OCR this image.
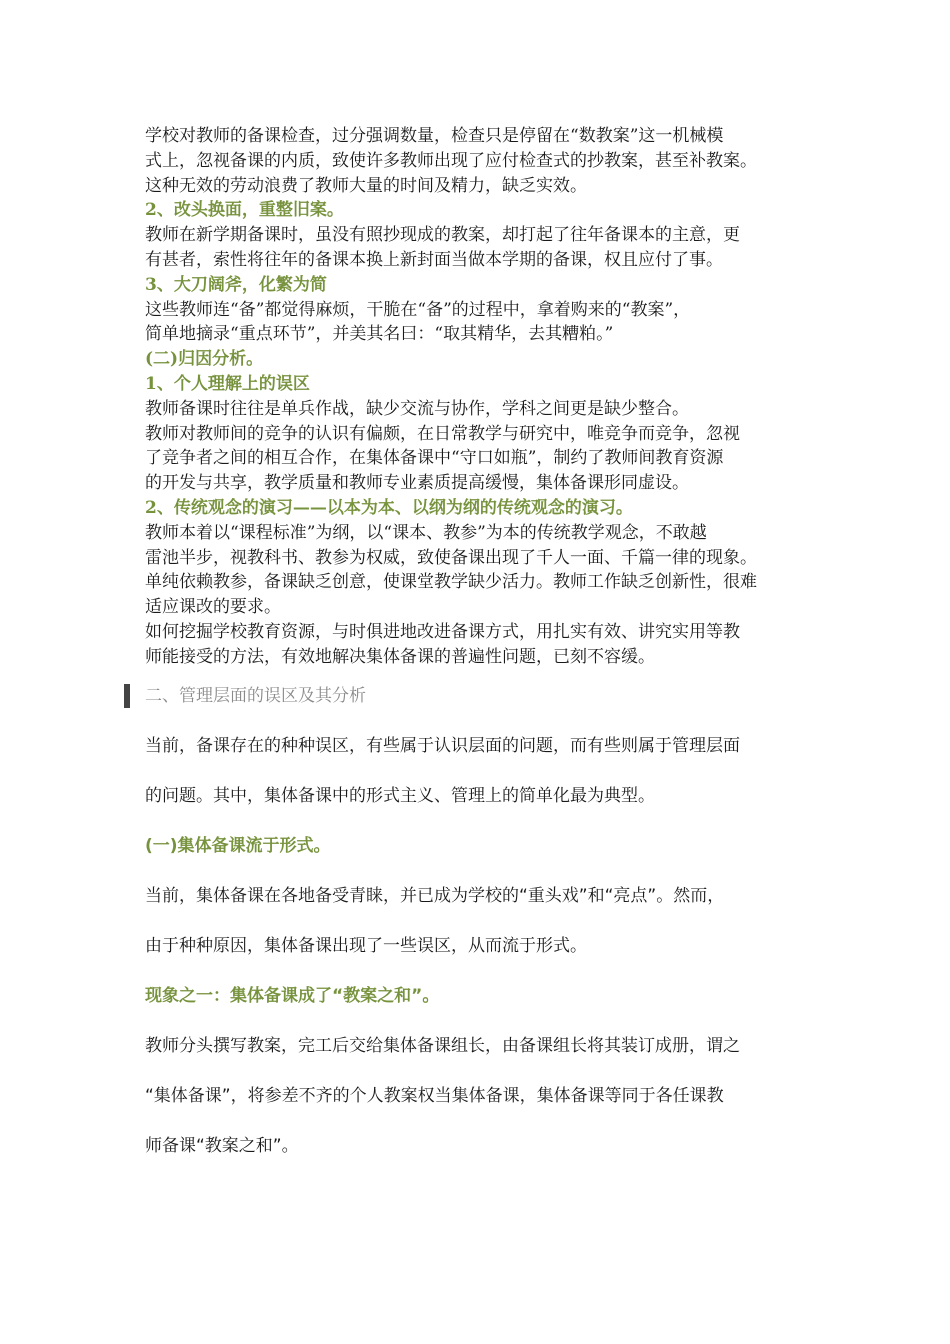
学校对教师的备课检查，过分强调数量，检查只是停留在“数教案”这一机械模

式上，忽视备课的内质，致使许多教师出现了应付检查式的抄教案，甚至补教案。

这种无效的劳动浪费了教师大量的时间及精力，缺乏实效。

2、改头换面，重整旧案。

教师在新学期备课时，虽没有照抄现成的教案，却打起了往年备课本的主意，更

有甚者，索性将往年的备课本换上新封面当做本学期的备课，权且应付了事。

3、大刀阔斧，化繁为简

这些教师连“备”都觉得麻烦，干脆在“备”的过程中，拿着购来的“教案”，

简单地摘录“重点环节”，并美其名曰：“取其精华，去其糟粕。”

(二)归因分析。

1、个人理解上的误区

教师备课时往往是单兵作战，缺少交流与协作，学科之间更是缺少整合。

教师对教师间的竞争的认识有偏颇，在日常教学与研究中，唯竞争而竞争，忽视

了竞争者之间的相互合作，在集体备课中“守口如瓶”，制约了教师间教育资源

的开发与共享，教学质量和教师专业素质提高缓慢，集体备课形同虚设。

2、传统观念的演习——以本为本、以纲为纲的传统观念的演习。

教师本着以“课程标准”为纲，以“课本、教参”为本的传统教学观念，不敢越

雷池半步，视教科书、教参为权威，致使备课出现了千人一面、千篇一律的现象。

单纯依赖教参，备课缺乏创意，使课堂教学缺少活力。教师工作缺乏创新性，很难

适应课改的要求。

如何挖掘学校教育资源，与时俱进地改进备课方式，用扎实有效、讲究实用等教

师能接受的方法，有效地解决集体备课的普遍性问题，已刻不容缓。

二、管理层面的误区及其分析

当前，备课存在的种种误区，有些属于认识层面的问题，而有些则属于管理层面

的问题。其中，集体备课中的形式主义、管理上的简单化最为典型。

(一)集体备课流于形式。

当前，集体备课在各地备受青睐，并已成为学校的“重头戏”和“亮点”。然而，

由于种种原因，集体备课出现了一些误区，从而流于形式。

现象之一：集体备课成了“教案之和”。

教师分头撰写教案，完工后交给集体备课组长，由备课组长将其装订成册，谓之

“集体备课”，将参差不齐的个人教案权当集体备课，集体备课等同于各任课教

师备课“教案之和”。
